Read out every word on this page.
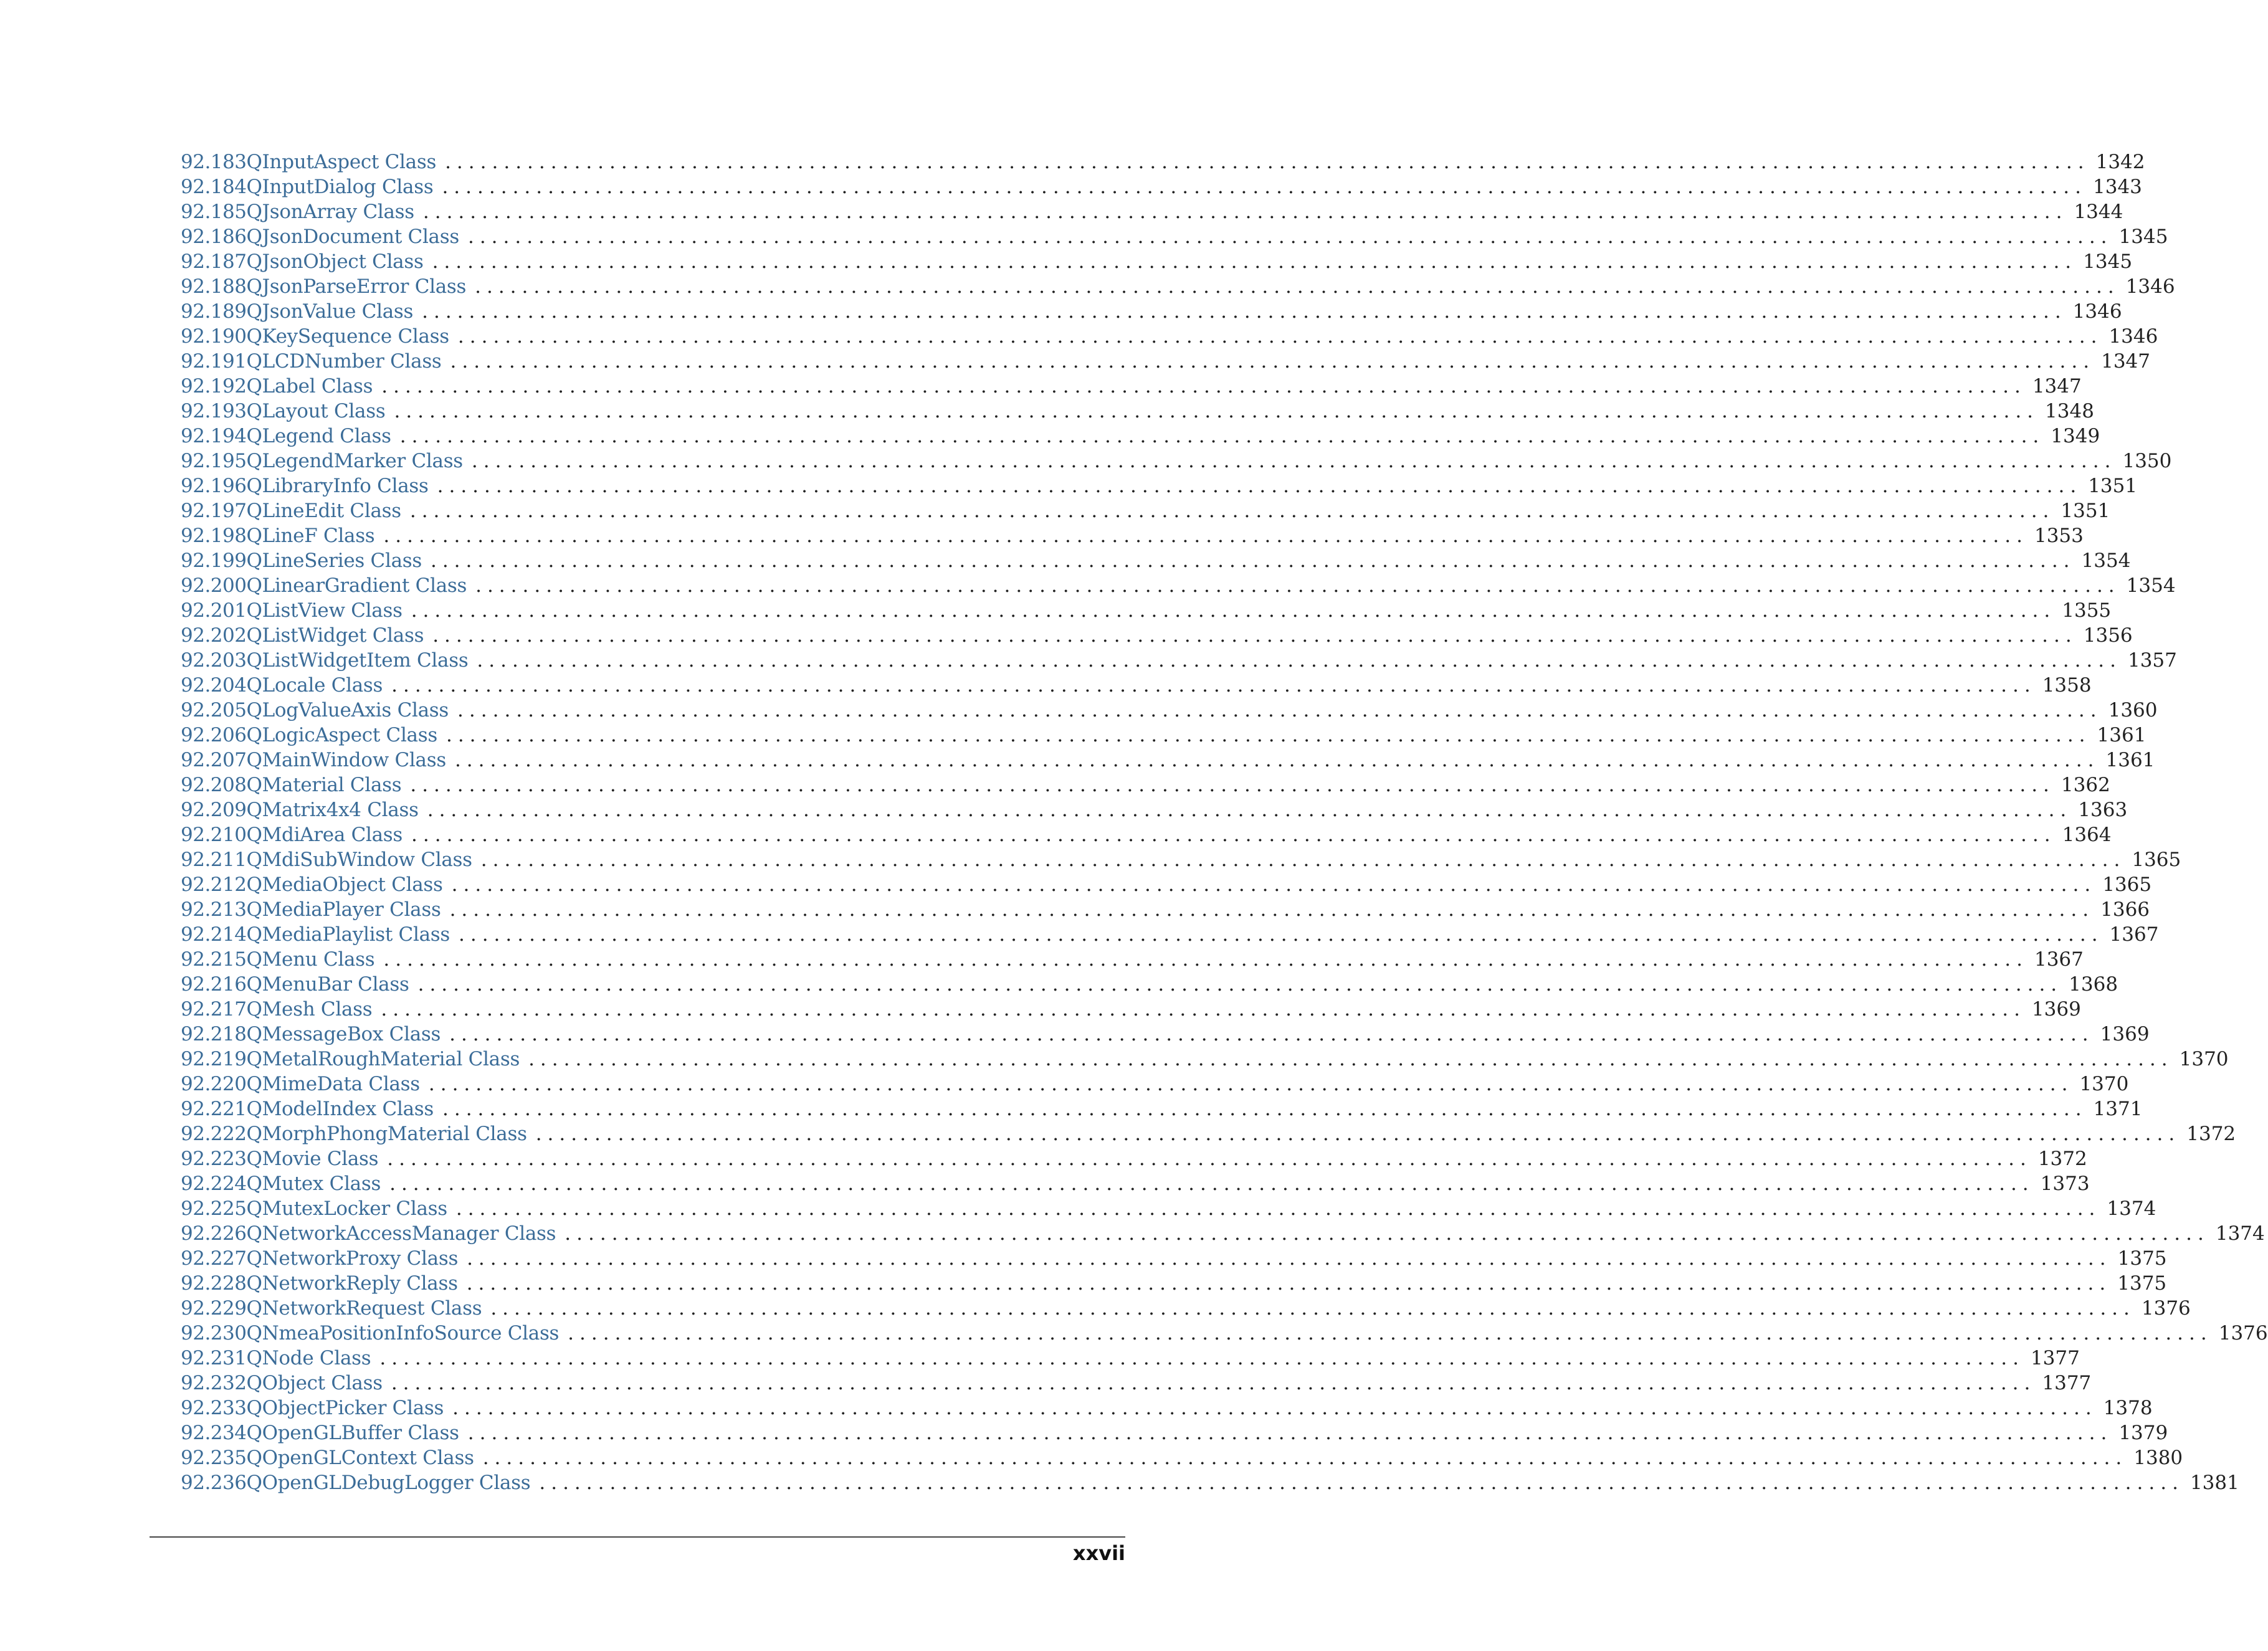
92.183 QInputAspect Class ............................................................................................................................................ 1342
92.184 QInputDialog Class ............................................................................................................................................ 1343
92.185 QJsonArray Class ............................................................................................................................................ 1344
92.186 QJsonDocument Class ............................................................................................................................................ 1345
92.187 QJsonObject Class ............................................................................................................................................ 1345
92.188 QJsonParseError Class ............................................................................................................................................ 1346
92.189 QJsonValue Class ............................................................................................................................................ 1346
92.190 QKeySequence Class ............................................................................................................................................ 1346
92.191 QLCDNumber Class ............................................................................................................................................ 1347
92.192 QLabel Class ............................................................................................................................................ 1347
92.193 QLayout Class ............................................................................................................................................ 1348
92.194 QLegend Class ............................................................................................................................................ 1349
92.195 QLegendMarker Class ............................................................................................................................................ 1350
92.196 QLibraryInfo Class ............................................................................................................................................ 1351
92.197 QLineEdit Class ............................................................................................................................................ 1351
92.198 QLineF Class ............................................................................................................................................ 1353
92.199 QLineSeries Class ............................................................................................................................................ 1354
92.200 QLinearGradient Class ............................................................................................................................................ 1354
92.201 QListView Class ............................................................................................................................................ 1355
92.202 QListWidget Class ............................................................................................................................................ 1356
92.203 QListWidgetItem Class ............................................................................................................................................ 1357
92.204 QLocale Class ............................................................................................................................................ 1358
92.205 QLogValueAxis Class ............................................................................................................................................ 1360
92.206 QLogicAspect Class ............................................................................................................................................ 1361
92.207 QMainWindow Class ............................................................................................................................................ 1361
92.208 QMaterial Class ............................................................................................................................................ 1362
92.209 QMatrix4x4 Class ............................................................................................................................................ 1363
92.210 QMdiArea Class ............................................................................................................................................ 1364
92.211 QMdiSubWindow Class ............................................................................................................................................ 1365
92.212 QMediaObject Class ............................................................................................................................................ 1365
92.213 QMediaPlayer Class ............................................................................................................................................ 1366
92.214 QMediaPlaylist Class ............................................................................................................................................ 1367
92.215 QMenu Class ............................................................................................................................................ 1367
92.216 QMenuBar Class ............................................................................................................................................ 1368
92.217 QMesh Class ............................................................................................................................................ 1369
92.218 QMessageBox Class ............................................................................................................................................ 1369
92.219 QMetalRoughMaterial Class ............................................................................................................................................ 1370
92.220 QMimeData Class ............................................................................................................................................ 1370
92.221 QModelIndex Class ............................................................................................................................................ 1371
92.222 QMorphPhongMaterial Class ............................................................................................................................................ 1372
92.223 QMovie Class ............................................................................................................................................ 1372
92.224 QMutex Class ............................................................................................................................................ 1373
92.225 QMutexLocker Class ............................................................................................................................................ 1374
92.226 QNetworkAccessManager Class ............................................................................................................................................ 1374
92.227 QNetworkProxy Class ............................................................................................................................................ 1375
92.228 QNetworkReply Class ............................................................................................................................................ 1375
92.229 QNetworkRequest Class ............................................................................................................................................ 1376
92.230 QNmeaPositionInfoSource Class ............................................................................................................................................ 1376
92.231 QNode Class ............................................................................................................................................ 1377
92.232 QObject Class ............................................................................................................................................ 1377
92.233 QObjectPicker Class ............................................................................................................................................ 1378
92.234 QOpenGLBuffer Class ............................................................................................................................................ 1379
92.235 QOpenGLContext Class ............................................................................................................................................ 1380
92.236 QOpenGLDebugLogger Class ............................................................................................................................................ 1381
xxvii
